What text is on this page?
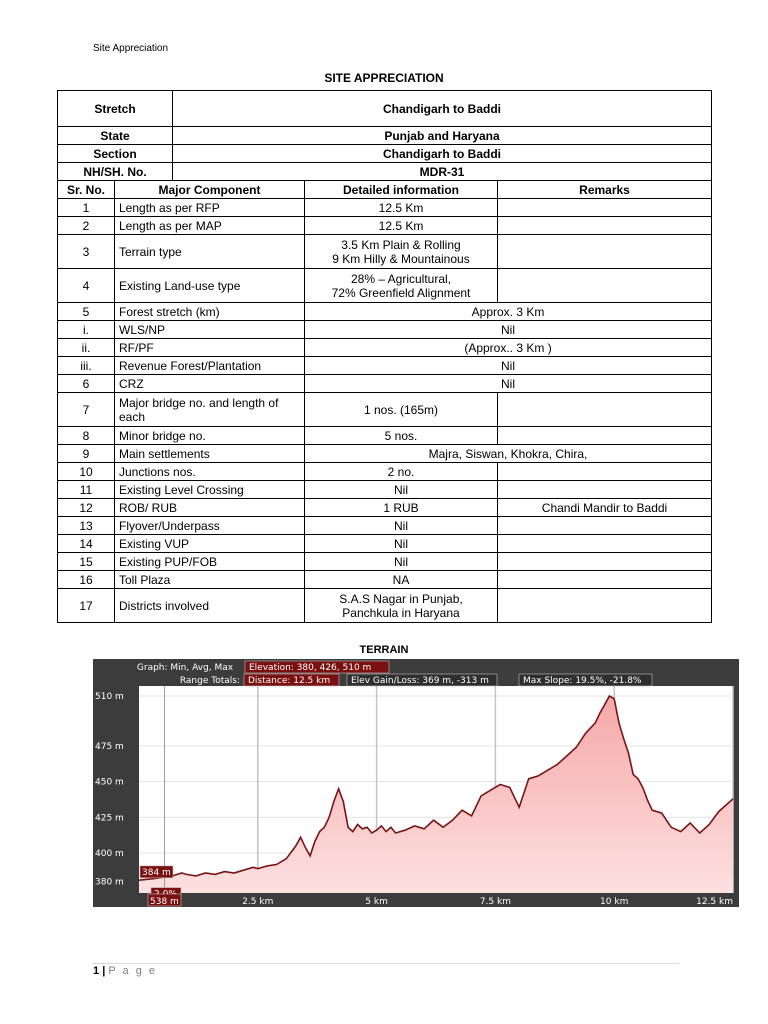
Site Appreciation
SITE APPRECIATION
Stretch		Chandigarh to Baddi		
State		Punjab and Haryana		
Section		Chandigarh to Baddi		
NH/SH. No.		MDR-31		
Sr. No.	Major Component		Detailed information	Remarks
1	Length as per RFP		12.5 Km	
2	Length as per MAP		12.5 Km	
3	Terrain type		3.5 Km Plain & Rolling
9 Km Hilly & Mountainous	
4	Existing Land-use type		28% – Agricultural,
72% Greenfield Alignment	
5	Forest stretch (km)		Approx. 3 Km	
i.	WLS/NP		Nil	
ii.	RF/PF		(Approx.. 3 Km )	
iii.	Revenue Forest/Plantation		Nil	
6	CRZ		Nil	
7	Major bridge no. and length of each		1 nos. (165m)	
8	Minor bridge no.		5 nos.	
9	Main settlements		Majra, Siswan, Khokra, Chira,	
10	Junctions nos.		2 no.	
11	Existing Level Crossing		Nil	
12	ROB/ RUB		1 RUB	Chandi Mandir to Baddi
13	Flyover/Underpass		Nil	
14	Existing VUP		Nil	
15	Existing PUP/FOB		Nil	
16	Toll Plaza		NA	
17	Districts involved		S.A.S Nagar in Punjab,
Panchkula in Haryana	
TERRAIN
380 m
400 m
425 m
450 m
475 m
510 m
2.5 km	5 km	7.5 km	10 km	12.5 km
Graph: Min, Avg, Max Elevation: 380, 426, 510 m
Range Totals: Distance: 12.5 km Elev Gain/Loss: 369 m, -313 m	Max Slope: 19.5%, -21.8%
384 m
538 m
1 | P a g e
